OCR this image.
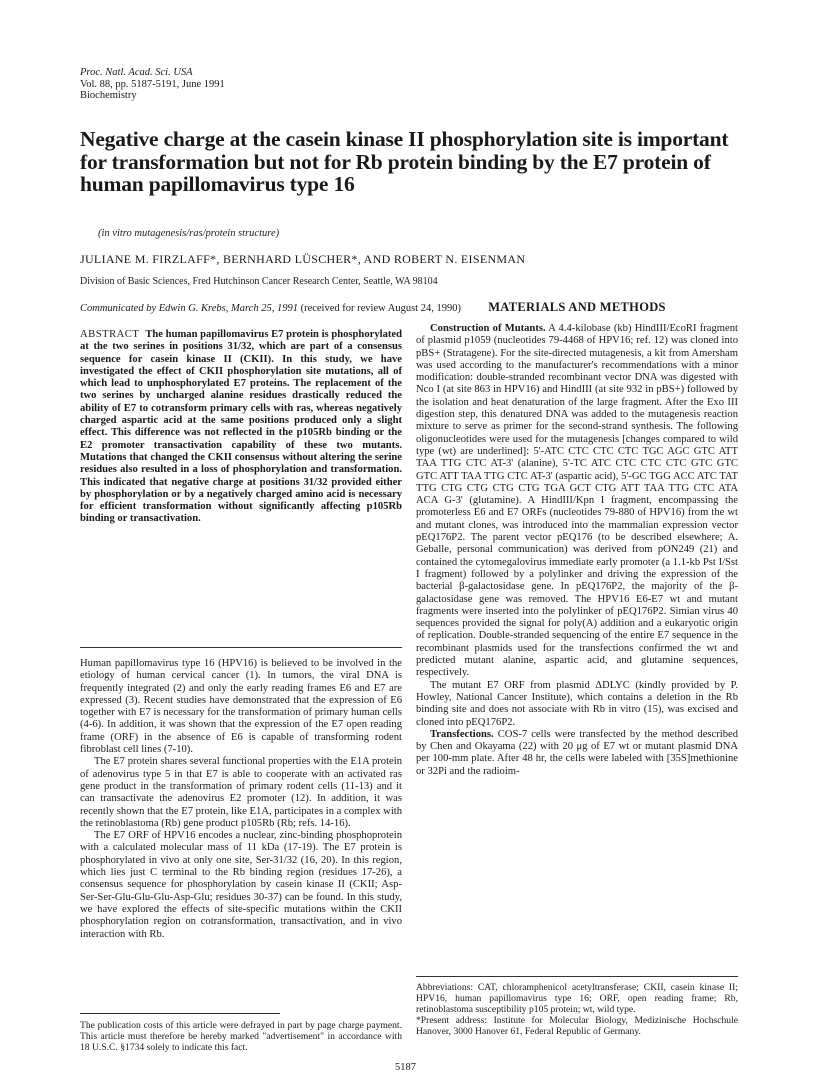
Proc. Natl. Acad. Sci. USA
Vol. 88, pp. 5187-5191, June 1991
Biochemistry
Negative charge at the casein kinase II phosphorylation site is important for transformation but not for Rb protein binding by the E7 protein of human papillomavirus type 16
(in vitro mutagenesis/ras/protein structure)
JULIANE M. FIRZLAFF*, BERNHARD LÜSCHER*, AND ROBERT N. EISENMAN
Division of Basic Sciences, Fred Hutchinson Cancer Research Center, Seattle, WA 98104
Communicated by Edwin G. Krebs, March 25, 1991 (received for review August 24, 1990)

ABSTRACT The human papillomavirus E7 protein is phosphorylated at the two serines in positions 31/32, which are part of a consensus sequence for casein kinase II (CKII). In this study, we have investigated the effect of CKII phosphorylation site mutations, all of which lead to unphosphorylated E7 proteins. The replacement of the two serines by uncharged alanine residues drastically reduced the ability of E7 to cotransform primary cells with ras, whereas negatively charged aspartic acid at the same positions produced only a slight effect. This difference was not reflected in the p105Rb binding or the E2 promoter transactivation capability of these two mutants. Mutations that changed the CKII consensus without altering the serine residues also resulted in a loss of phosphorylation and transformation. This indicated that negative charge at positions 31/32 provided either by phosphorylation or by a negatively charged amino acid is necessary for efficient transformation without significantly affecting p105Rb binding or transactivation.

Human papillomavirus type 16 (HPV16) is believed to be involved in the etiology of human cervical cancer (1). In tumors, the viral DNA is frequently integrated (2) and only the early reading frames E6 and E7 are expressed (3). Recent studies have demonstrated that the expression of E6 together with E7 is necessary for the transformation of primary human cells (4-6). In addition, it was shown that the expression of the E7 open reading frame (ORF) in the absence of E6 is capable of transforming rodent fibroblast cell lines (7-10).

The E7 protein shares several functional properties with the E1A protein of adenovirus type 5 in that E7 is able to cooperate with an activated ras gene product in the transformation of primary rodent cells (11-13) and it can transactivate the adenovirus E2 promoter (12). In addition, it was recently shown that the E7 protein, like E1A, participates in a complex with the retinoblastoma (Rb) gene product p105Rb (Rb; refs. 14-16).

The E7 ORF of HPV16 encodes a nuclear, zinc-binding phosphoprotein with a calculated molecular mass of 11 kDa (17-19). The E7 protein is phosphorylated in vivo at only one site, Ser-31/32 (16, 20). In this region, which lies just C terminal to the Rb binding region (residues 17-26), a consensus sequence for phosphorylation by casein kinase II (CKII; Asp-Ser-Ser-Glu-Glu-Glu-Asp-Glu; residues 30-37) can be found. In this study, we have explored the effects of site-specific mutations within the CKII phosphorylation region on cotransformation, transactivation, and in vivo interaction with Rb.

The publication costs of this article were defrayed in part by page charge payment. This article must therefore be hereby marked "advertisement" in accordance with 18 U.S.C. §1734 solely to indicate this fact.
MATERIALS AND METHODS

Construction of Mutants. A 4.4-kilobase (kb) HindIII/EcoRI fragment of plasmid p1059 (nucleotides 79-4468 of HPV16; ref. 12) was cloned into pBS+ (Stratagene). For the site-directed mutagenesis, a kit from Amersham was used according to the manufacturer's recommendations with a minor modification: double-stranded recombinant vector DNA was digested with Nco I (at site 863 in HPV16) and HindIII (at site 932 in pBS+) followed by the isolation and heat denaturation of the large fragment. After the Exo III digestion step, this denatured DNA was added to the mutagenesis reaction mixture to serve as primer for the second-strand synthesis. The following oligonucleotides were used for the mutagenesis [changes compared to wild type (wt) are underlined]: 5'-ATC CTC CTC CTC TGC AGC GTC ATT TAA TTG CTC AT-3' (alanine), 5'-TC ATC CTC CTC CTC GTC GTC GTC ATT TAA TTG CTC AT-3' (aspartic acid), 5'-GC TGG ACC ATC TAT TTG CTG CTG CTG CTG TGA GCT CTG ATT TAA TTG CTC ATA ACA G-3' (glutamine). A HindIII/Kpn I fragment, encompassing the promoterless E6 and E7 ORFs (nucleotides 79-880 of HPV16) from the wt and mutant clones, was introduced into the mammalian expression vector pEQ176P2. The parent vector pEQ176 (to be described elsewhere; A. Geballe, personal communication) was derived from pON249 (21) and contained the cytomegalovirus immediate early promoter (a 1.1-kb Pst I/Sst I fragment) followed by a polylinker and driving the expression of the bacterial β-galactosidase gene. In pEQ176P2, the majority of the β-galactosidase gene was removed. The HPV16 E6-E7 wt and mutant fragments were inserted into the polylinker of pEQ176P2. Simian virus 40 sequences provided the signal for poly(A) addition and a eukaryotic origin of replication. Double-stranded sequencing of the entire E7 sequence in the recombinant plasmids used for the transfections confirmed the wt and predicted mutant alanine, aspartic acid, and glutamine sequences, respectively.

The mutant E7 ORF from plasmid ΔDLYC (kindly provided by P. Howley, National Cancer Institute), which contains a deletion in the Rb binding site and does not associate with Rb in vitro (15), was excised and cloned into pEQ176P2.

Transfections. COS-7 cells were transfected by the method described by Chen and Okayama (22) with 20 μg of E7 wt or mutant plasmid DNA per 100-mm plate. After 48 hr, the cells were labeled with [35S]methionine or 32Pi and the radioim-

Abbreviations: CAT, chloramphenicol acetyltransferase; CKII, casein kinase II; HPV16, human papillomavirus type 16; ORF, open reading frame; Rb, retinoblastoma susceptibility p105 protein; wt, wild type.

*Present address: Institute for Molecular Biology, Medizinische Hochschule Hanover, 3000 Hanover 61, Federal Republic of Germany.

5187
